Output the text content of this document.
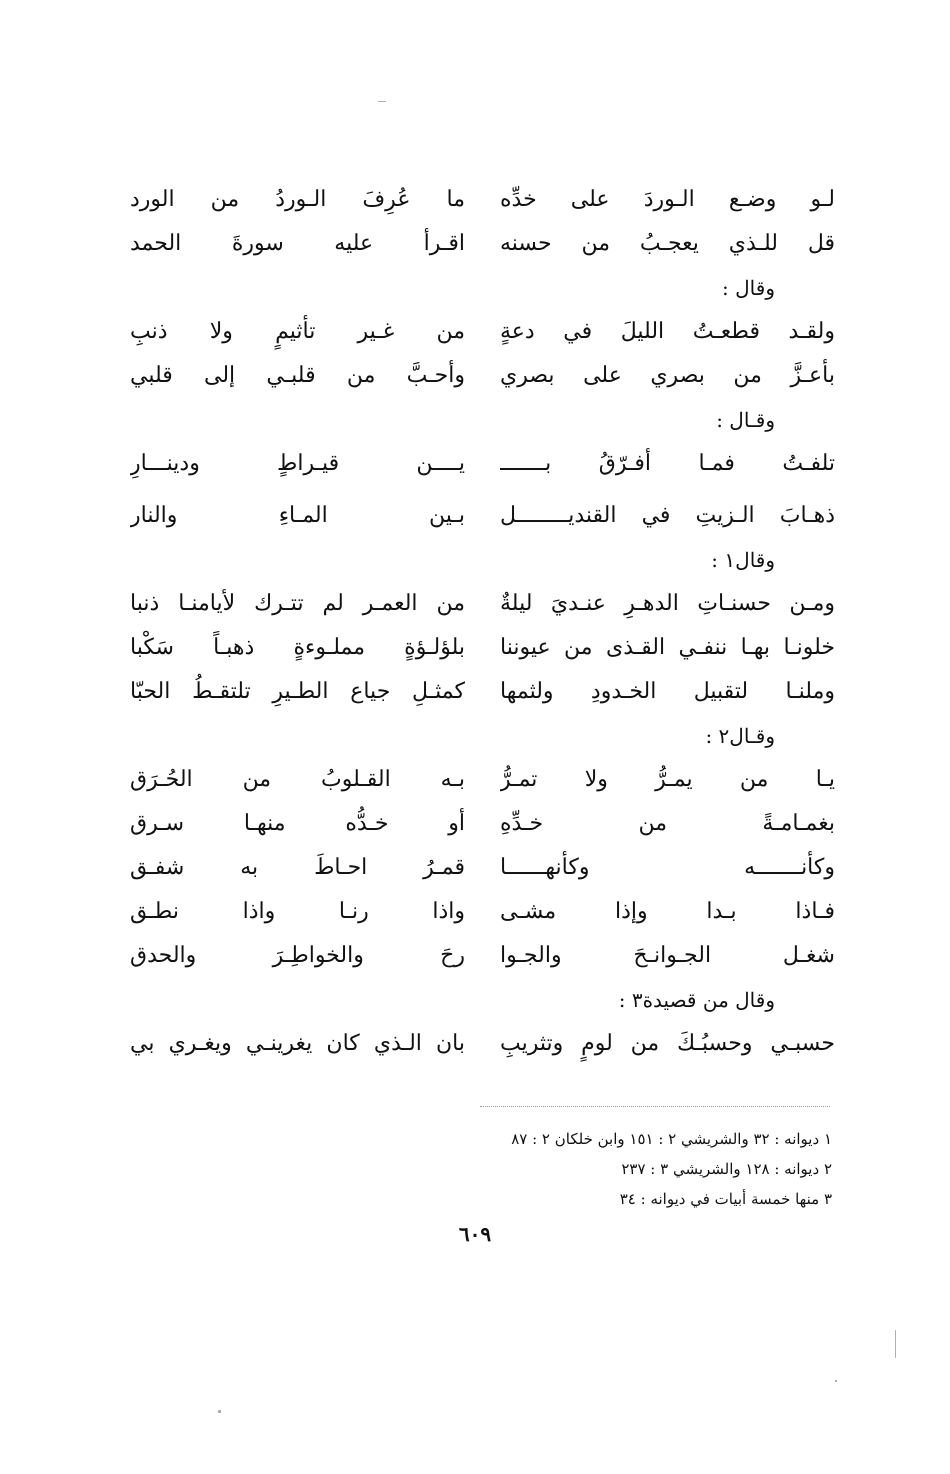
لـو وضـع الـوردَ على خدِّه
ما عُرِفَ الـوردُ من الورد
قل للـذي يعجـبُ من حسنه
اقـرأ عليه سورةَ الحمد
وقال :
ولقـد قطعـتُ الليلَ في دعةٍ
من غـير تأثيمٍ ولا ذنبِ
بأعـزَّ من بصري على بصري
وأحـبَّ من قلبـي إلى قلبي
وقـال :
تلفـتُ فمـا أفـرّقُ بـــــــ
يــــن قيـراطٍ ودينـــارِ
ذهـابَ الـزيتِ في القنديــــــــل
بـين المـاءِ والنار
وقال١ :
ومـن حسنـاتِ الدهـرِ عنـديَ ليلةٌ
من العمـر لم تتـرك لأيامنـا ذنبا
خلونـا بهـا ننفـي القـذى من عيوننا
بلؤلـؤةٍ مملـوءةٍ ذهبـاً سَكْبا
وملنـا لتقبيل الخـدودِ ولثمها
كمثـلِ جياع الطـيرِ تلتقـطُ الحبّا
وقـال٢ :
يـا من يمـرُّ ولا تمـرُّ
بـه القـلوبُ من الحُـرَق
بغمـامـةً من خـدِّهِ
أو خـدُّه منهـا سـرق
وكأنـــــــه وكأنهــــــا
قمـرُ احـاطَ به شفـق
فـاذا بـدا وإذا مشـى
واذا رنـا واذا نطـق
شغـل الجـوانـحَ والجـوا
رحَ والخواطِـرَ والحدق
وقال من قصيدة٣ :
حسبـي وحسبُـكَ من لومٍ وتثريبِ
بان الـذي كان يغرينـي ويغـري بي
١ ديوانه : ٣٢ والشريشي ٢ : ١٥١ وابن خلكان ٢ : ٨٧
٢ ديوانه : ١٢٨ والشريشي ٣ : ٢٣٧
٣ منها خمسة أبيات في ديوانه : ٣٤
٦٠٩
